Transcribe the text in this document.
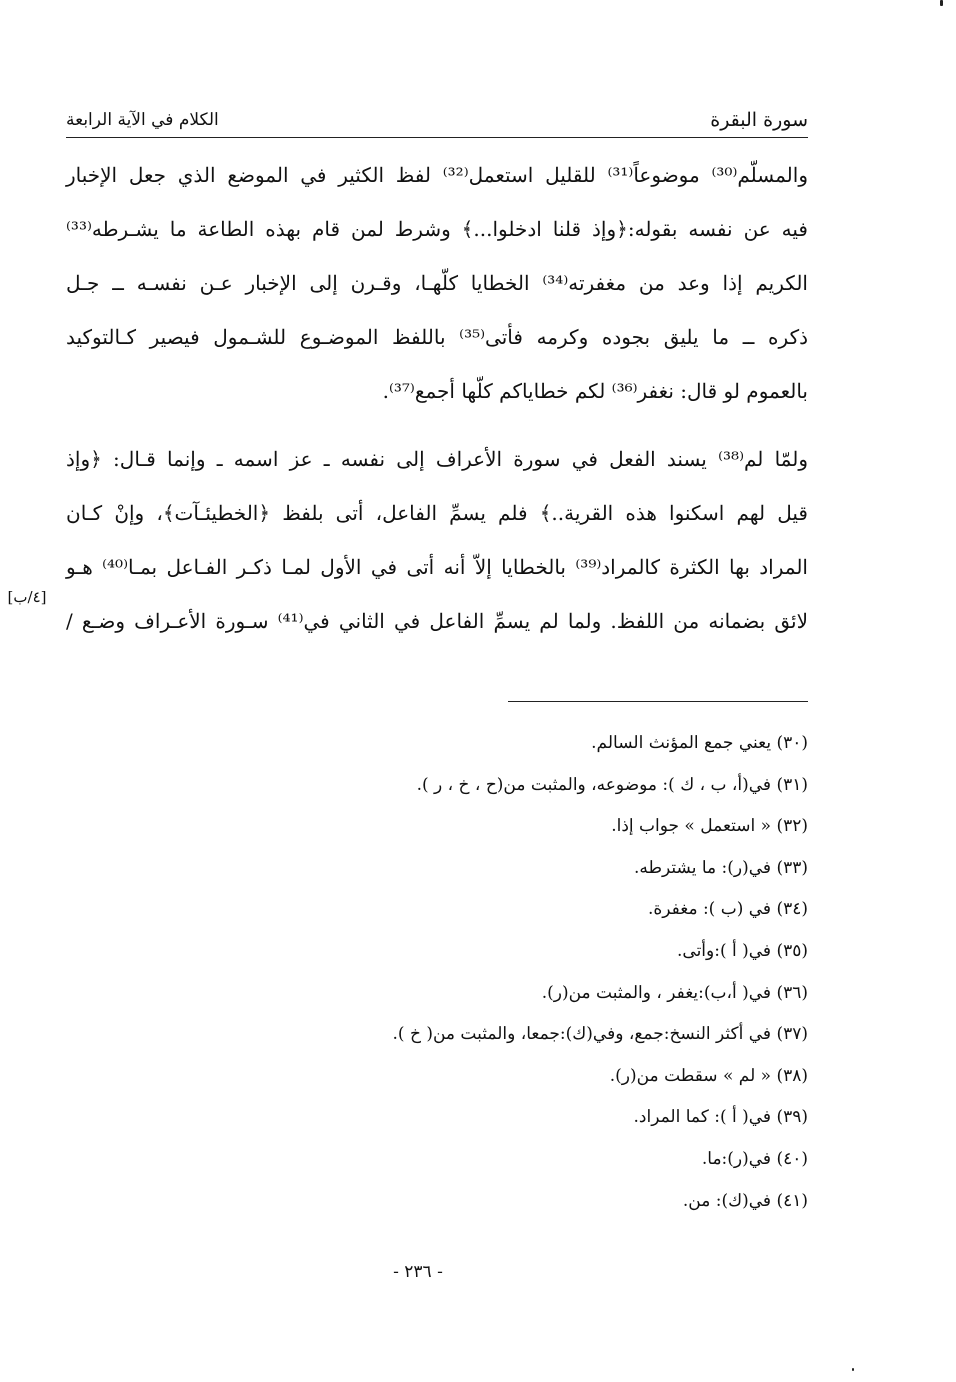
سورة البقرة
الكلام في الآية الرابعة

والمسلّم⁽³⁰⁾ موضوعاً⁽³¹⁾ للقليل استعمل⁽³²⁾ لفظ الكثير في الموضع الذي جعل الإخبار
فيه عن نفسه بقوله:﴿وإذ قلنا ادخلوا...﴾ وشرط لمن قام بهذه الطاعة ما يشـرطه⁽³³⁾
الكريم إذا وعد من مغفرته⁽³⁴⁾ الخطايا كلّهـا، وقـرن إلى الإخبار عـن نفسـه ــ جـل
ذكره ــ ما يليق بجوده وكرمه فأتى⁽³⁵⁾ باللفظ الموضـوع للشـمول فيصير كـالتوكيد
بالعموم لو قال: نغفر⁽³⁶⁾ لكم خطاياكم كلّها أجمع⁽³⁷⁾.

ولمّا لم⁽³⁸⁾ يسند الفعل في سورة الأعراف إلى نفسه ـ عز اسمه ـ وإنما قـال: ﴿وإذ
قيل لهم اسكنوا هذه القرية..﴾ فلم يسمِّ الفاعل، أتى بلفظ ﴿الخطيئـآت﴾، وإنْ كـان
المراد بها الكثرة كالمراد⁽³⁹⁾ بالخطايا إلاّ أنه أتى في الأول لمـا ذكـر الفـاعل بمـا⁽⁴⁰⁾ هـو
لائق بضمانه من اللفظ. ولما لم يسمِّ الفاعل في الثاني في⁽⁴¹⁾ سـورة الأعـراف وضـع /

[٤/ب]
(٣٠) يعني جمع المؤنث السالم.
(٣١) في(أ، ب ، ك ): موضوعه، والمثبت من(ح ، خ ، ر ).
(٣٢) « استعمل » جواب إذا.
(٣٣) في(ر): ما يشترطه.
(٣٤) في (ب ): مغفرة.
(٣٥) في( أ ):وأتى.
(٣٦) في( أ،ب):يغفر ، والمثبت من(ر).
(٣٧) في أكثر النسخ:جمع، وفي(ك):جمعا، والمثبت من( خ ).
(٣٨) « لم » سقطت من(ر).
(٣٩) في( أ ): كما المراد.
(٤٠) في(ر):ما.
(٤١) في(ك): من.
- ٢٣٦ -
